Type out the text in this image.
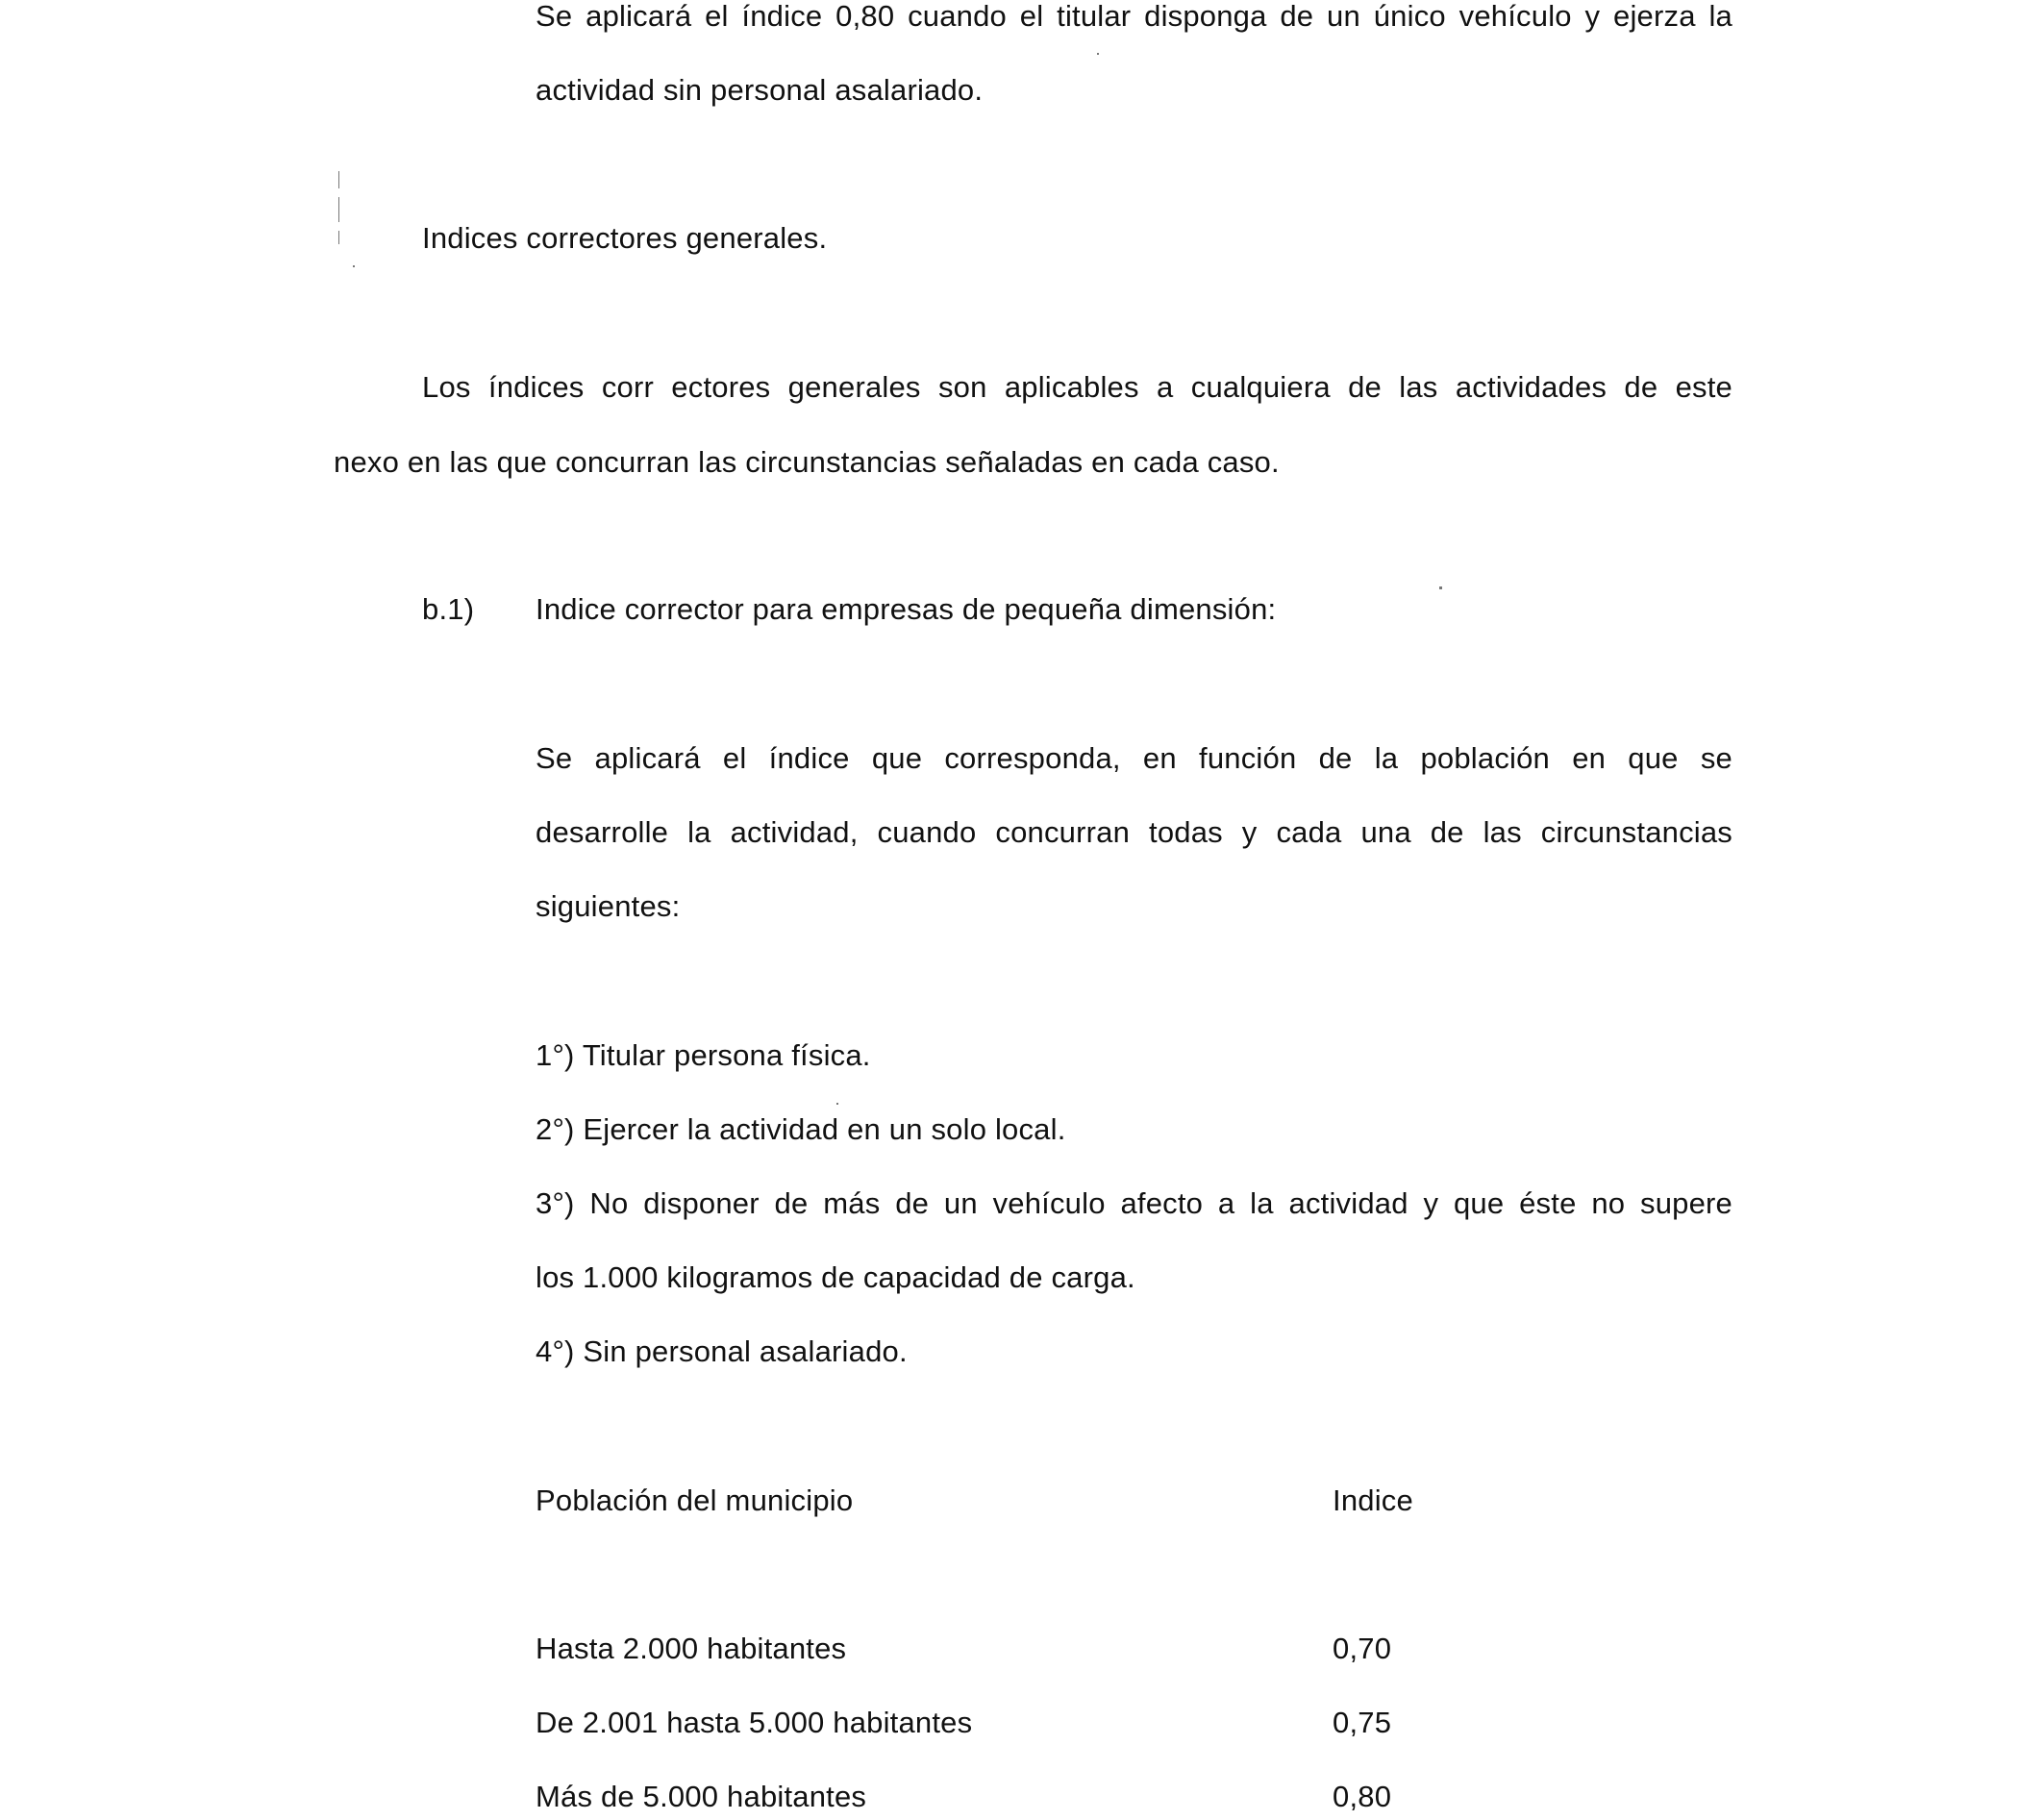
Se aplicará el índice 0,80 cuando el titular disponga de un único vehículo y ejerza la
actividad sin personal asalariado.
Indices correctores generales.
Los índices corr ectores generales son aplicables a cualquiera de las actividades de este
nexo en las que concurran las circunstancias señaladas en cada caso.
b.1) Indice corrector para empresas de pequeña dimensión:
Se aplicará el índice que corresponda, en función de la población en que se
desarrolle la actividad, cuando concurran todas y cada una de las circunstancias
siguientes:
1°) Titular persona física.
2°) Ejercer la actividad en un solo local.
3°) No disponer de más de un vehículo afecto a la actividad y que éste no supere
los 1.000 kilogramos de capacidad de carga.
4°) Sin personal asalariado.
Población del municipio	Indice
Hasta 2.000 habitantes	0,70
De 2.001 hasta 5.000 habitantes	0,75
Más de 5.000 habitantes	0,80
